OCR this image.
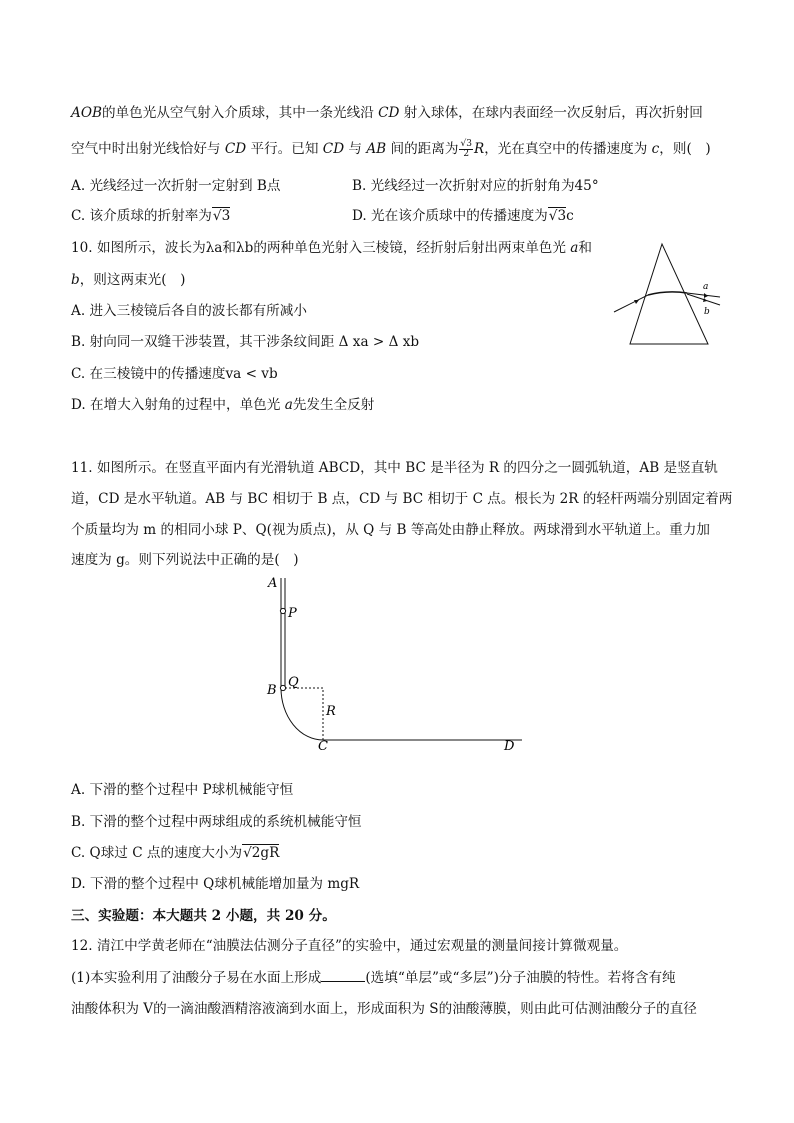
AOB的单色光从空气射入介质球，其中一条光线沿 CD 射入球体，在球内表面经一次反射后，再次折射回
空气中时出射光线恰好与 CD 平行。已知 CD 与 AB 间的距离为 $\frac{√3}{2}$ R，光在真空中的传播速度为 c，则(　)
A. 光线经过一次折射一定射到 B点	B. 光线经过一次折射对应的折射角为45°
C. 该介质球的折射率为√3	D. 光在该介质球中的传播速度为√3c
10. 如图所示，波长为λa和λb的两种单色光射入三棱镜，经折射后射出两束单色光 a和
b，则这两束光(　)
A. 进入三棱镜后各自的波长都有所减小
B. 射向同一双缝干涉装置，其干涉条纹间距 Δ xa > Δ xb
C. 在三棱镜中的传播速度va < vb
D. 在增大入射角的过程中，单色光 a先发生全反射
a
b
11. 如图所示。在竖直平面内有光滑轨道 ABCD，其中 BC 是半径为 R 的四分之一圆弧轨道，AB 是竖直轨
道，CD 是水平轨道。AB 与 BC 相切于 B 点，CD 与 BC 相切于 C 点。根长为 2R 的轻杆两端分别固定着两
个质量均为 m 的相同小球 P、Q(视为质点)，从 Q 与 B 等高处由静止释放。两球滑到水平轨道上。重力加
速度为 g。则下列说法中正确的是(　)
A
P
Q
B
R
C	D
A. 下滑的整个过程中 P球机械能守恒
B. 下滑的整个过程中两球组成的系统机械能守恒
C. Q球过 C 点的速度大小为√2gR
D. 下滑的整个过程中 Q球机械能增加量为 mgR
三、实验题：本大题共 2 小题，共 20 分。
12. 清江中学黄老师在“油膜法估测分子直径”的实验中，通过宏观量的测量间接计算微观量。
(1)本实验利用了油酸分子易在水面上形成	(选填“单层”或“多层”)分子油膜的特性。若将含有纯
油酸体积为 V的一滴油酸酒精溶液滴到水面上，形成面积为 S的油酸薄膜，则由此可估测油酸分子的直径
